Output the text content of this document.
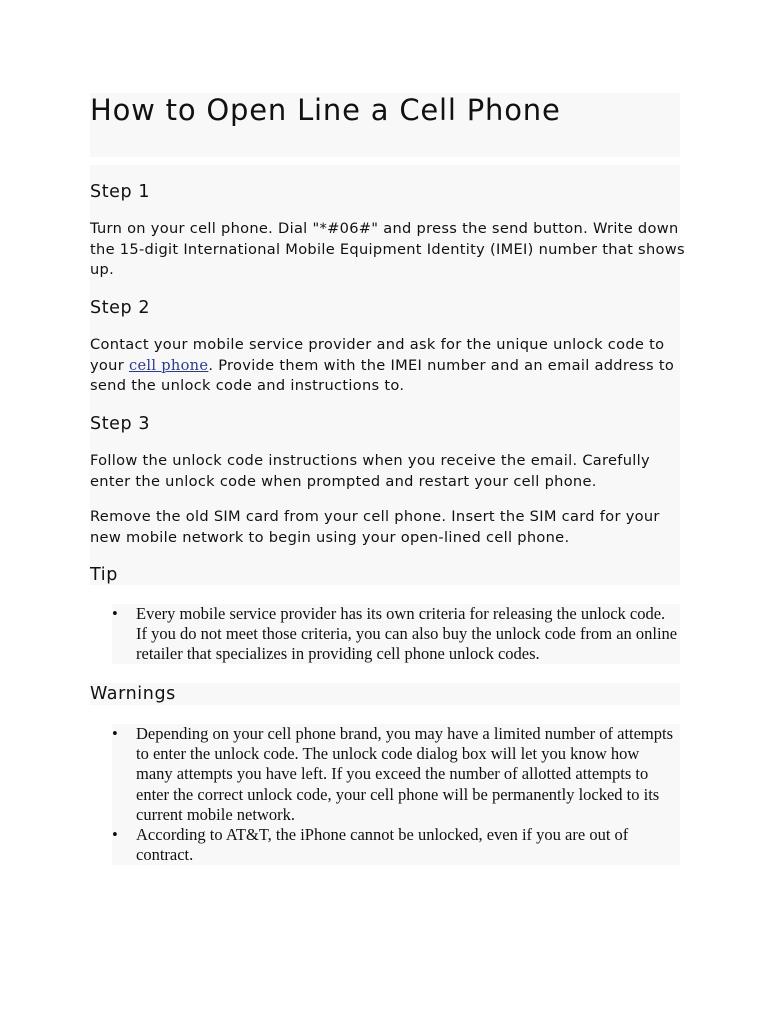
How to Open Line a Cell Phone
Step 1

Turn on your cell phone. Dial "*#06#" and press the send button. Write down the 15-digit International Mobile Equipment Identity (IMEI) number that shows up.

Step 2

Contact your mobile service provider and ask for the unique unlock code to your cell phone. Provide them with the IMEI number and an email address to send the unlock code and instructions to.

Step 3

Follow the unlock code instructions when you receive the email. Carefully enter the unlock code when prompted and restart your cell phone.

Remove the old SIM card from your cell phone. Insert the SIM card for your new mobile network to begin using your open-lined cell phone.

Tip
• Every mobile service provider has its own criteria for releasing the unlock code. If you do not meet those criteria, you can also buy the unlock code from an online retailer that specializes in providing cell phone unlock codes.
Warnings
• Depending on your cell phone brand, you may have a limited number of attempts to enter the unlock code. The unlock code dialog box will let you know how many attempts you have left. If you exceed the number of allotted attempts to enter the correct unlock code, your cell phone will be permanently locked to its current mobile network.
• According to AT&T, the iPhone cannot be unlocked, even if you are out of contract.
